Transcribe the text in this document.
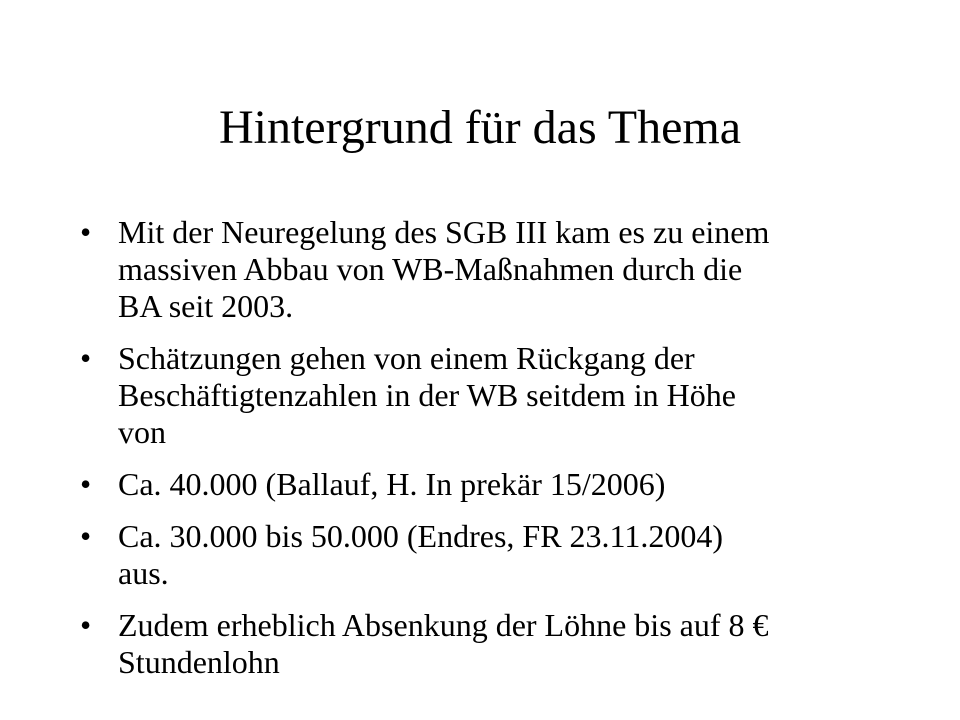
Hintergrund für das Thema
• Mit der Neuregelung des SGB III kam es zu einem
massiven Abbau von WB-Maßnahmen durch die
BA seit 2003.
• Schätzungen gehen von einem Rückgang der
Beschäftigtenzahlen in der WB seitdem in Höhe
von
• Ca. 40.000 (Ballauf, H. In prekär 15/2006)
• Ca. 30.000 bis 50.000 (Endres, FR 23.11.2004)
aus.
• Zudem erheblich Absenkung der Löhne bis auf 8 €
Stundenlohn
